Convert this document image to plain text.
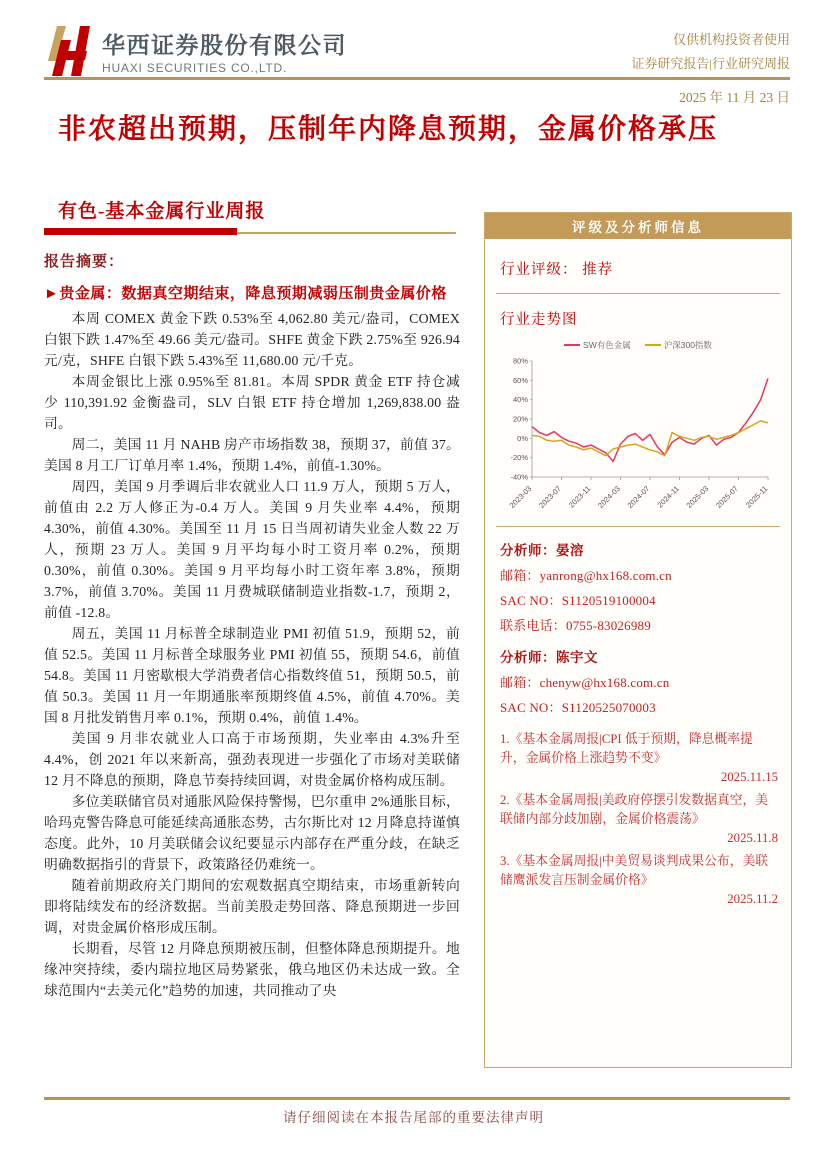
华西证券股份有限公司
HUAXI SECURITIES CO.,LTD.
仅供机构投资者使用
证券研究报告|行业研究周报
2025 年 11 月 23 日
非农超出预期，压制年内降息预期，金属价格承压
有色-基本金属行业周报

报告摘要：

►贵金属：数据真空期结束，降息预期减弱压制贵金属价格

本周 COMEX 黄金下跌 0.53%至 4,062.80 美元/盎司，COMEX 白银下跌 1.47%至 49.66 美元/盎司。SHFE 黄金下跌 2.75%至 926.94 元/克，SHFE 白银下跌 5.43%至 11,680.00 元/千克。

本周金银比上涨 0.95%至 81.81。本周 SPDR 黄金 ETF 持仓减少 110,391.92 金衡盎司，SLV 白银 ETF 持仓增加 1,269,838.00 盎司。

周二，美国 11 月 NAHB 房产市场指数 38，预期 37，前值 37。美国 8 月工厂订单月率 1.4%，预期 1.4%，前值-1.30%。

周四，美国 9 月季调后非农就业人口 11.9 万人，预期 5 万人，前值由 2.2 万人修正为-0.4 万人。美国 9 月失业率 4.4%，预期 4.30%，前值 4.30%。美国至 11 月 15 日当周初请失业金人数 22 万人，预期 23 万人。美国 9 月平均每小时工资月率 0.2%，预期 0.30%，前值 0.30%。美国 9 月平均每小时工资年率 3.8%，预期 3.7%，前值 3.70%。美国 11 月费城联储制造业指数-1.7，预期 2，前值 -12.8。

周五，美国 11 月标普全球制造业 PMI 初值 51.9，预期 52，前值 52.5。美国 11 月标普全球服务业 PMI 初值 55，预期 54.6，前值 54.8。美国 11 月密歇根大学消费者信心指数终值 51，预期 50.5，前值 50.3。美国 11 月一年期通胀率预期终值 4.5%，前值 4.70%。美国 8 月批发销售月率 0.1%，预期 0.4%，前值 1.4%。

美国 9 月非农就业人口高于市场预期，失业率由 4.3%升至 4.4%，创 2021 年以来新高，强劲表现进一步强化了市场对美联储 12 月不降息的预期，降息节奏持续回调，对贵金属价格构成压制。

多位美联储官员对通胀风险保持警惕，巴尔重申 2%通胀目标，哈玛克警告降息可能延续高通胀态势，古尔斯比对 12 月降息持谨慎态度。此外，10 月美联储会议纪要显示内部存在严重分歧，在缺乏明确数据指引的背景下，政策路径仍难统一。

随着前期政府关门期间的宏观数据真空期结束，市场重新转向即将陆续发布的经济数据。当前美股走势回落、降息预期进一步回调，对贵金属价格形成压制。

长期看，尽管 12 月降息预期被压制，但整体降息预期提升。地缘冲突持续，委内瑞拉地区局势紧张，俄乌地区仍未达成一致。全球范围内“去美元化”趋势的加速，共同推动了央

评级及分析师信息
行业评级： 推荐
行业走势图
SW有色金属	沪深300指数
80%
60%
40%
20%
0%
-20%
-40%
2023-03 2023-07 2023-11 2024-03 2024-07 2024-11 2025-03 2025-07 2025-11

分析师：晏溶

邮箱：yanrong@hx168.com.cn

SAC NO：S1120519100004

联系电话：0755-83026989

分析师：陈宇文

邮箱：chenyw@hx168.com.cn

SAC NO：S1120525070003

1.《基本金属周报|CPI 低于预期，降息概率提升，金属价格上涨趋势不变》

2025.11.15

2.《基本金属周报|美政府停摆引发数据真空，美联储内部分歧加剧，金属价格震荡》

2025.11.8

3.《基本金属周报|中美贸易谈判成果公布，美联储鹰派发言压制金属价格》

2025.11.2

请仔细阅读在本报告尾部的重要法律声明
